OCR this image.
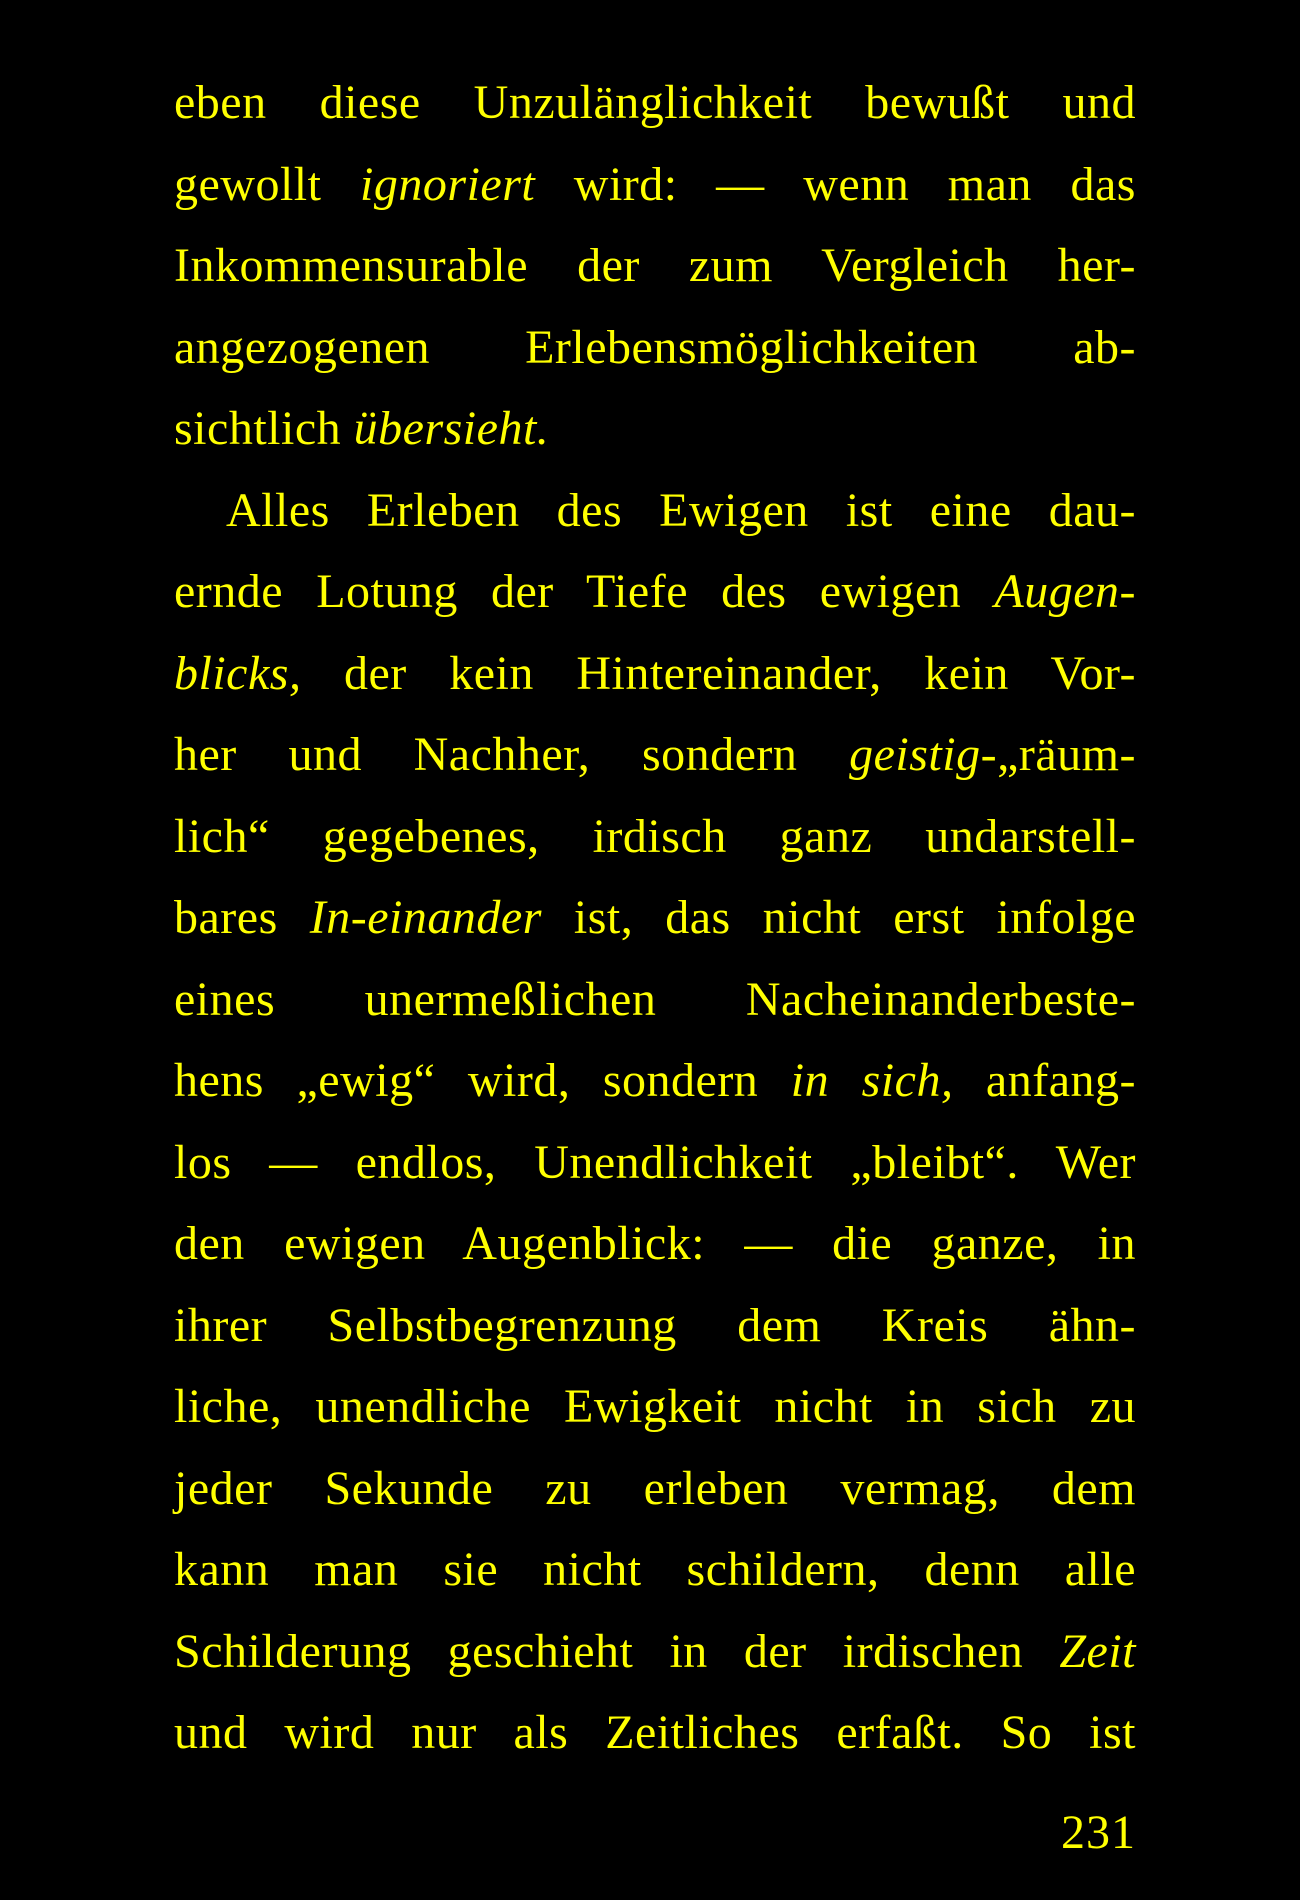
eben diese Unzulänglichkeit bewußt und
gewollt ignoriert wird: — wenn man das
Inkommensurable der zum Vergleich her-
angezogenen Erlebensmöglichkeiten ab-
sichtlich übersieht.
Alles Erleben des Ewigen ist eine dau-
ernde Lotung der Tiefe des ewigen Augen-
blicks, der kein Hintereinander, kein Vor-
her und Nachher, sondern geistig-„räum-
lich“ gegebenes, irdisch ganz undarstell-
bares In-einander ist, das nicht erst infolge
eines unermeßlichen Nacheinanderbeste-
hens „ewig“ wird, sondern in sich, anfang-
los — endlos, Unendlichkeit „bleibt“. Wer
den ewigen Augenblick: — die ganze, in
ihrer Selbstbegrenzung dem Kreis ähn-
liche, unendliche Ewigkeit nicht in sich zu
jeder Sekunde zu erleben vermag, dem
kann man sie nicht schildern, denn alle
Schilderung geschieht in der irdischen Zeit
und wird nur als Zeitliches erfaßt. So ist
231
